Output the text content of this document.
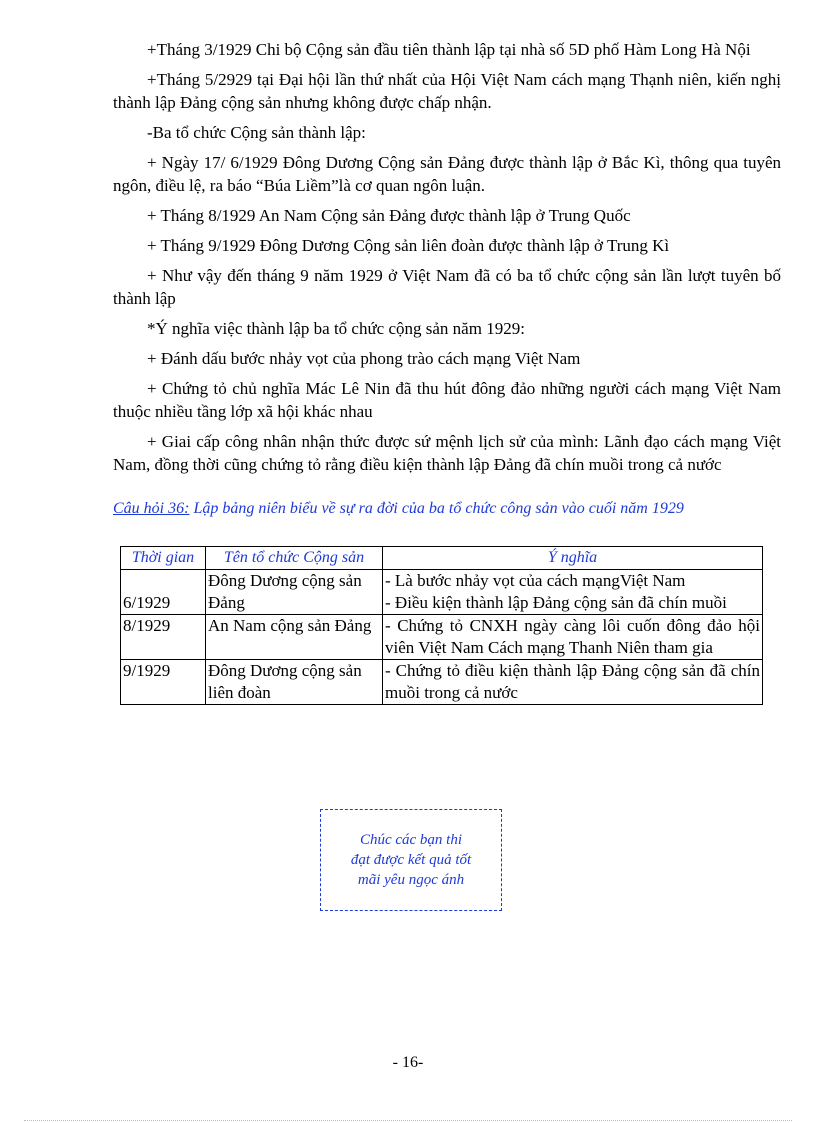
+Tháng 3/1929 Chi bộ Cộng sản đầu tiên thành lập tại nhà số 5D phố Hàm Long Hà Nội

+Tháng 5/2929 tại Đại hội lần thứ nhất của Hội Việt Nam cách mạng Thạnh niên, kiến nghị thành lập Đảng cộng sản nhưng không được chấp nhận.

-Ba tổ chức Cộng sản thành lập:

+ Ngày 17/ 6/1929 Đông Dương Cộng sản Đảng được thành lập ở Bắc Kì, thông qua tuyên ngôn, điều lệ, ra báo “Búa Liềm”là cơ quan ngôn luận.

+ Tháng 8/1929 An Nam Cộng sản Đảng được thành lập ở Trung Quốc

+ Tháng 9/1929 Đông Dương Cộng sản liên đoàn được thành lập ở Trung Kì

+ Như vậy đến tháng 9 năm 1929 ở Việt Nam đã có ba tổ chức cộng sản lần lượt tuyên bố thành lập

*Ý nghĩa việc thành lập ba tổ chức cộng sản năm 1929:

+ Đánh dấu bước nhảy vọt của phong trào cách mạng Việt Nam

+ Chứng tỏ chủ nghĩa Mác Lê Nin đã thu hút đông đảo những người cách mạng Việt Nam thuộc nhiều tầng lớp xã hội khác nhau

+ Giai cấp công nhân nhận thức được sứ mệnh lịch sử của mình: Lãnh đạo cách mạng Việt Nam, đồng thời cũng chứng tỏ rằng điều kiện thành lập Đảng đã chín muồi trong cả nước

Câu hỏi 36: Lập bảng niên biểu về sự ra đời của ba tổ chức công sản vào cuối năm 1929
Thời gian	Tên tổ chức Cộng sản	Ý nghĩa
6/1929	Đông Dương cộng sản Đảng	- Là bước nhảy vọt của cách mạngViệt Nam
- Điều kiện thành lập Đảng cộng sản đã chín muồi

8/1929	An Nam cộng sản Đảng	- Chứng tỏ CNXH ngày càng lôi cuốn đông đảo hội viên Việt Nam Cách mạng Thanh Niên tham gia

9/1929	Đông Dương cộng sản liên đoàn	- Chứng tỏ điều kiện thành lập Đảng cộng sản đã chín muồi trong cả nước
Chúc các bạn thi
đạt được kết quả tốt
mãi yêu ngọc ánh
- 16-
